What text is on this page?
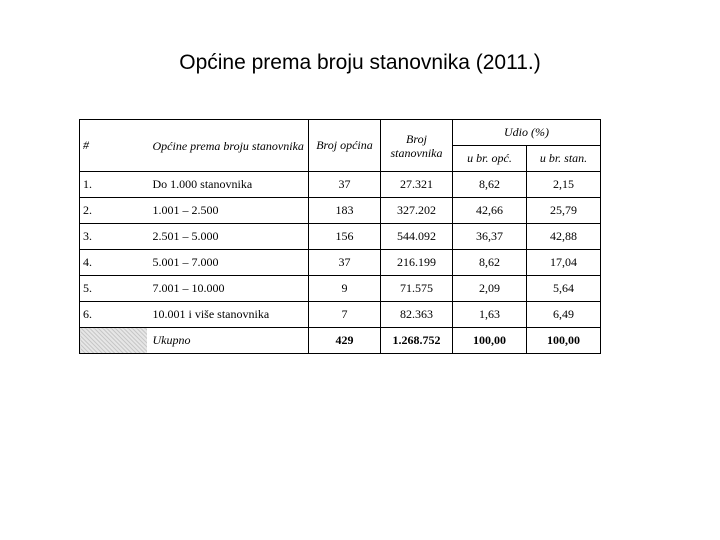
Općine prema broju stanovnika (2011.)
#	Općine prema broju stanovnika	Broj općina	Broj stanovnika	Udio (%)	
				u br. opć.	u br. stan.
1.	Do 1.000 stanovnika	37	27.321	8,62	2,15
2.	1.001 – 2.500	183	327.202	42,66	25,79
3.	2.501 – 5.000	156	544.092	36,37	42,88
4.	5.001 – 7.000	37	216.199	8,62	17,04
5.	7.001 – 10.000	9	71.575	2,09	5,64
6.	10.001 i više stanovnika	7	82.363	1,63	6,49
	Ukupno	429	1.268.752	100,00	100,00
